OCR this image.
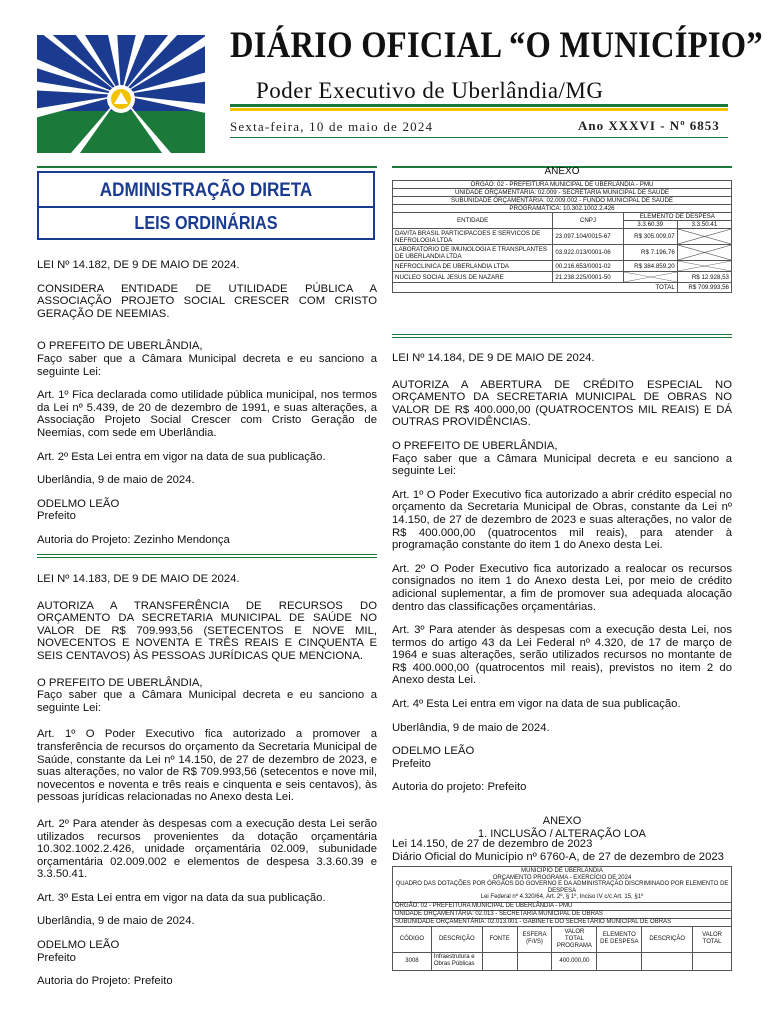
DIÁRIO OFICIAL “O MUNICÍPIO”
Poder Executivo de Uberlândia/MG
Sexta-feira, 10 de maio de 2024	Ano XXXVI - Nº 6853
ADMINISTRAÇÃO DIRETA
LEIS ORDINÁRIAS

LEI Nº 14.182, DE 9 DE MAIO DE 2024.

CONSIDERA ENTIDADE DE UTILIDADE PÚBLICA A ASSOCIAÇÃO PROJETO SOCIAL CRESCER COM CRISTO GERAÇÃO DE NEEMIAS.

O PREFEITO DE UBERLÂNDIA,

Faço saber que a Câmara Municipal decreta e eu sanciono a seguinte Lei:

Art. 1º Fica declarada como utilidade pública municipal, nos termos da Lei nº 5.439, de 20 de dezembro de 1991, e suas alterações, a Associação Projeto Social Crescer com Cristo Geração de Neemias, com sede em Uberlândia.

Art. 2º Esta Lei entra em vigor na data de sua publicação.

Uberlândia, 9 de maio de 2024.

ODELMO LEÃO

Prefeito

Autoria do Projeto: Zezinho Mendonça

LEI Nº 14.183, DE 9 DE MAIO DE 2024.

AUTORIZA A TRANSFERÊNCIA DE RECURSOS DO ORÇAMENTO DA SECRETARIA MUNICIPAL DE SAÚDE NO VALOR DE R$ 709.993,56 (SETECENTOS E NOVE MIL, NOVECENTOS E NOVENTA E TRÊS REAIS E CINQUENTA E SEIS CENTAVOS) ÀS PESSOAS JURÍDICAS QUE MENCIONA.

O PREFEITO DE UBERLÂNDIA,

Faço saber que a Câmara Municipal decreta e eu sanciono a seguinte Lei:

Art. 1º O Poder Executivo fica autorizado a promover a transferência de recursos do orçamento da Secretaria Municipal de Saúde, constante da Lei nº 14.150, de 27 de dezembro de 2023, e suas alterações, no valor de R$ 709.993,56 (setecentos e nove mil, novecentos e noventa e três reais e cinquenta e seis centavos), às pessoas jurídicas relacionadas no Anexo desta Lei.

Art. 2º Para atender às despesas com a execução desta Lei serão utilizados recursos provenientes da dotação orçamentária 10.302.1002.2.426, unidade orçamentária 02.009, subunidade orçamentária 02.009.002 e elementos de despesa 3.3.60.39 e 3.3.50.41.

Art. 3º Esta Lei entra em vigor na data da sua publicação.

Uberlândia, 9 de maio de 2024.

ODELMO LEÃO

Prefeito

Autoria do Projeto: Prefeito

ANEXO
ÓRGÃO: 02 - PREFEITURA MUNICIPAL DE UBERLÂNDIA - PMU			
UNIDADE ORÇAMENTÁRIA: 02.009 - SECRETARIA MUNICIPAL DE SAÚDE			
SUBUNIDADE ORÇAMENTÁRIA: 02.009.002 - FUNDO MUNICIPAL DE SAÚDE			
PROGRAMÁTICA: 10.302.1002.2.426			
ENTIDADE	CNPJ	ELEMENTO DE DESPESA	
		3.3.60.39	3.3.50.41
DAVITA BRASIL PARTICIPACOES E SERVICOS DE NEFROLOGIA LTDA	23.097.104/0015-67	R$ 305.009,07	

LABORATORIO DE IMUNOLOGIA E TRANSPLANTES DE UBERLANDIA LTDA	03.922.013/0001-06	R$ 7.196,76	

NEFROCLINICA DE UBERLANDIA LTDA	00.216.653/0001-02	R$ 384.859,20	

NUCLEO SOCIAL JESUS DE NAZARE	21.238.225/0001-50		R$ 12.928,53
TOTAL			R$ 709.993,56

LEI Nº 14.184, DE 9 DE MAIO DE 2024.

AUTORIZA A ABERTURA DE CRÉDITO ESPECIAL NO ORÇAMENTO DA SECRETARIA MUNICIPAL DE OBRAS NO VALOR DE R$ 400.000,00 (QUATROCENTOS MIL REAIS) E DÁ OUTRAS PROVIDÊNCIAS.

O PREFEITO DE UBERLÂNDIA,

Faço saber que a Câmara Municipal decreta e eu sanciono a seguinte Lei:

Art. 1º O Poder Executivo fica autorizado a abrir crédito especial no orçamento da Secretaria Municipal de Obras, constante da Lei nº 14.150, de 27 de dezembro de 2023 e suas alterações, no valor de R$ 400.000,00 (quatrocentos mil reais), para atender à programação constante do item 1 do Anexo desta Lei.

Art. 2º O Poder Executivo fica autorizado a realocar os recursos consignados no item 1 do Anexo desta Lei, por meio de crédito adicional suplementar, a fim de promover sua adequada alocação dentro das classificações orçamentárias.

Art. 3º Para atender às despesas com a execução desta Lei, nos termos do artigo 43 da Lei Federal nº 4.320, de 17 de março de 1964 e suas alterações, serão utilizados recursos no montante de R$ 400.000,00 (quatrocentos mil reais), previstos no item 2 do Anexo desta Lei.

Art. 4º Esta Lei entra em vigor na data de sua publicação.

Uberlândia, 9 de maio de 2024.

ODELMO LEÃO

Prefeito

Autoria do projeto: Prefeito

ANEXO
1. INCLUSÃO / ALTERAÇÃO LOA
Lei 14.150, de 27 de dezembro de 2023
Diário Oficial do Município nº 6760-A, de 27 de dezembro de 2023
MUNICÍPIO DE UBERLÂNDIA
ORÇAMENTO PROGRAMA - EXERCÍCIO DE 2024
QUADRO DAS DOTAÇÕES POR ÓRGÃOS DO GOVERNO E DA ADMINISTRAÇÃO DISCRIMINADO POR ELEMENTO DE DESPESA
Lei Federal nº 4.320/64, Art. 2º, § 1º, Inciso IV c/c Art. 15, §1º							

ÓRGÃO: 02 - PREFEITURA MUNICIPAL DE UBERLÂNDIA - PMU							
UNIDADE ORÇAMENTÁRIA: 02.013 - SECRETARIA MUNICIPAL DE OBRAS							
SUBUNIDADE ORÇAMENTÁRIA: 02.013.001 - GABINETE DO SECRETÁRIO MUNICIPAL DE OBRAS							
CÓDIGO	DESCRIÇÃO	FONTE	ESFERA (F/I/S)	VALOR TOTAL PROGRAMA	ELEMENTO DE DESPESA	DESCRIÇÃO	VALOR TOTAL
3008	Infraestrutura e Obras Públicas			400.000,00			
